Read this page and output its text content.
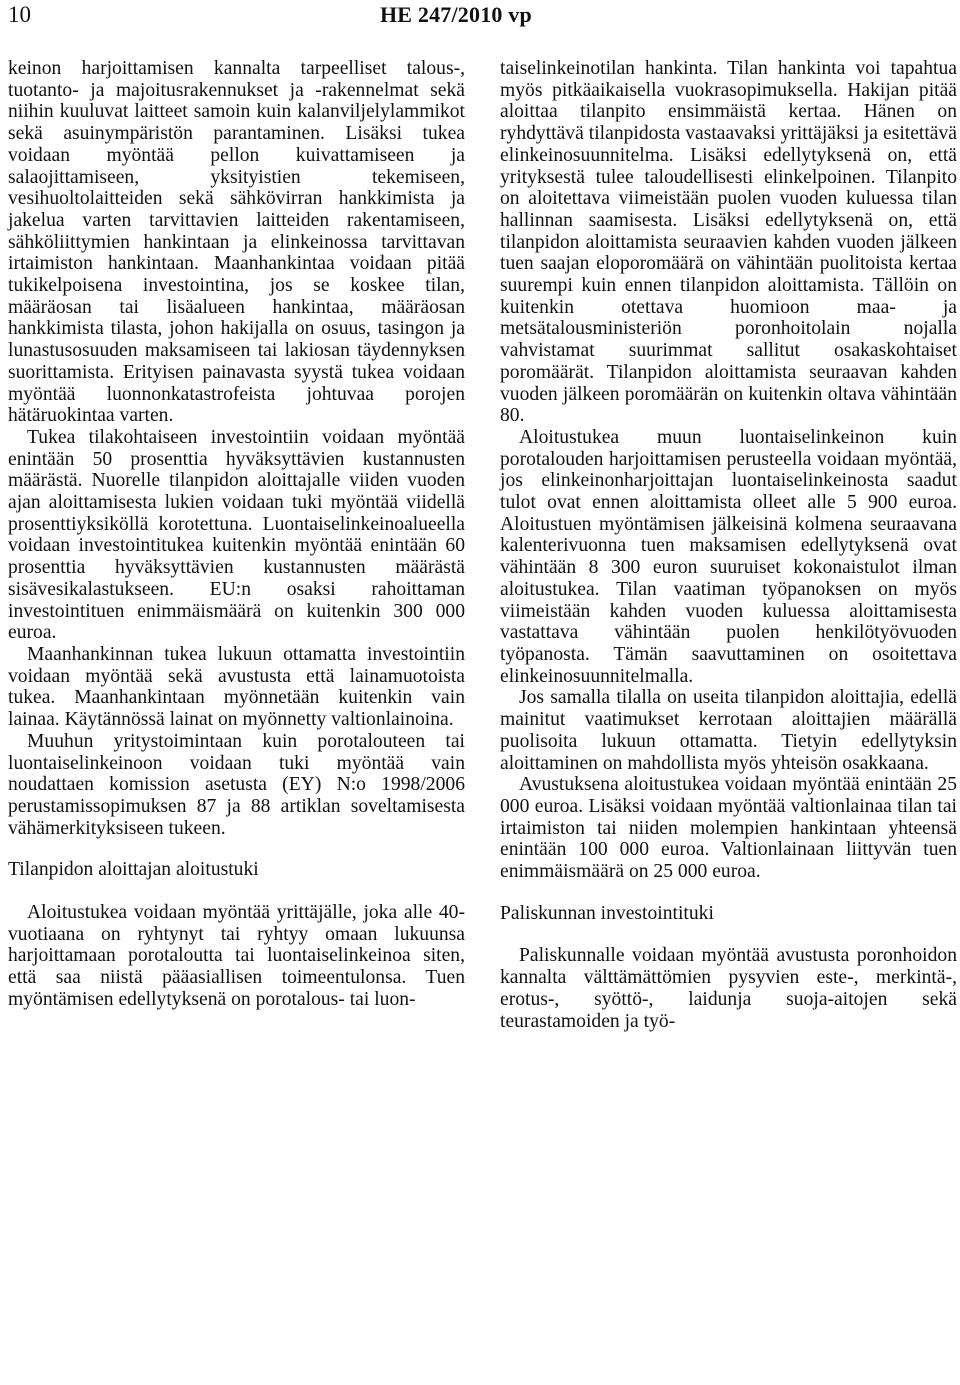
10	HE 247/2010 vp

keinon harjoittamisen kannalta tarpeelliset talous-, tuotanto- ja majoitusrakennukset ja -rakennelmat sekä niihin kuuluvat laitteet samoin kuin kalanviljelylammikot sekä asuinympäristön parantaminen. Lisäksi tukea voidaan myöntää pellon kuivattamiseen ja salaojittamiseen, yksityistien tekemiseen, vesihuoltolaitteiden sekä sähkövirran hankkimista ja jakelua varten tarvittavien laitteiden rakentamiseen, sähköliittymien hankintaan ja elinkeinossa tarvittavan irtaimiston hankintaan. Maanhankintaa voidaan pitää tukikelpoisena investointina, jos se koskee tilan, määräosan tai lisäalueen hankintaa, määräosan hankkimista tilasta, johon hakijalla on osuus, tasingon ja lunastusosuuden maksamiseen tai lakiosan täydennyksen suorittamista. Erityisen painavasta syystä tukea voidaan myöntää luonnonkatastrofeista johtuvaa porojen hätäruokintaa varten.

Tukea tilakohtaiseen investointiin voidaan myöntää enintään 50 prosenttia hyväksyttävien kustannusten määrästä. Nuorelle tilanpidon aloittajalle viiden vuoden ajan aloittamisesta lukien voidaan tuki myöntää viidellä prosenttiyksiköllä korotettuna. Luontaiselinkeinoalueella voidaan investointitukea kuitenkin myöntää enintään 60 prosenttia hyväksyttävien kustannusten määrästä sisävesikalastukseen. EU:n osaksi rahoittaman investointituen enimmäismäärä on kuitenkin 300 000 euroa.

Maanhankinnan tukea lukuun ottamatta investointiin voidaan myöntää sekä avustusta että lainamuotoista tukea. Maanhankintaan myönnetään kuitenkin vain lainaa. Käytännössä lainat on myönnetty valtionlainoina.

Muuhun yritystoimintaan kuin porotalouteen tai luontaiselinkeinoon voidaan tuki myöntää vain noudattaen komission asetusta (EY) N:o 1998/2006 perustamissopimuksen 87 ja 88 artiklan soveltamisesta vähämerkityksiseen tukeen.

Tilanpidon aloittajan aloitustuki

Aloitustukea voidaan myöntää yrittäjälle, joka alle 40-vuotiaana on ryhtynyt tai ryhtyy omaan lukuunsa harjoittamaan porotaloutta tai luontaiselinkeinoa siten, että saa niistä pääasiallisen toimeentulonsa. Tuen myöntämisen edellytyksenä on porotalous- tai luon-

taiselinkeinotilan hankinta. Tilan hankinta voi tapahtua myös pitkäaikaisella vuokrasopimuksella. Hakijan pitää aloittaa tilanpito ensimmäistä kertaa. Hänen on ryhdyttävä tilanpidosta vastaavaksi yrittäjäksi ja esitettävä elinkeinosuunnitelma. Lisäksi edellytyksenä on, että yrityksestä tulee taloudellisesti elinkelpoinen. Tilanpito on aloitettava viimeistään puolen vuoden kuluessa tilan hallinnan saamisesta. Lisäksi edellytyksenä on, että tilanpidon aloittamista seuraavien kahden vuoden jälkeen tuen saajan eloporomäärä on vähintään puolitoista kertaa suurempi kuin ennen tilanpidon aloittamista. Tällöin on kuitenkin otettava huomioon maa- ja metsätalousministeriön poronhoitolain nojalla vahvistamat suurimmat sallitut osakaskohtaiset poromäärät. Tilanpidon aloittamista seuraavan kahden vuoden jälkeen poromäärän on kuitenkin oltava vähintään 80.

Aloitustukea muun luontaiselinkeinon kuin porotalouden harjoittamisen perusteella voidaan myöntää, jos elinkeinonharjoittajan luontaiselinkeinosta saadut tulot ovat ennen aloittamista olleet alle 5 900 euroa. Aloitustuen myöntämisen jälkeisinä kolmena seuraavana kalenterivuonna tuen maksamisen edellytyksenä ovat vähintään 8 300 euron suuruiset kokonaistulot ilman aloitustukea. Tilan vaatiman työpanoksen on myös viimeistään kahden vuoden kuluessa aloittamisesta vastattava vähintään puolen henkilötyövuoden työpanosta. Tämän saavuttaminen on osoitettava elinkeinosuunnitelmalla.

Jos samalla tilalla on useita tilanpidon aloittajia, edellä mainitut vaatimukset kerrotaan aloittajien määrällä puolisoita lukuun ottamatta. Tietyin edellytyksin aloittaminen on mahdollista myös yhteisön osakkaana.

Avustuksena aloitustukea voidaan myöntää enintään 25 000 euroa. Lisäksi voidaan myöntää valtionlainaa tilan tai irtaimiston tai niiden molempien hankintaan yhteensä enintään 100 000 euroa. Valtionlainaan liittyvän tuen enimmäismäärä on 25 000 euroa.

Paliskunnan investointituki

Paliskunnalle voidaan myöntää avustusta poronhoidon kannalta välttämättömien pysyvien este-, merkintä-, erotus-, syöttö-, laidunja suoja-aitojen sekä teurastamoiden ja työ-
